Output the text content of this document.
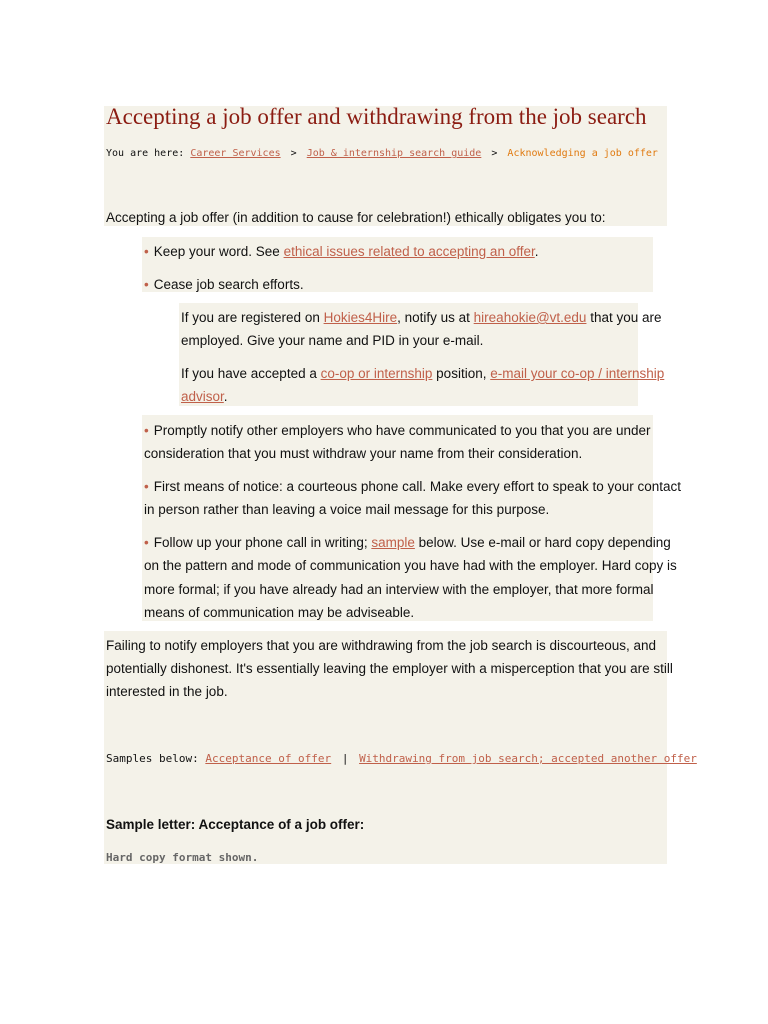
Accepting a job offer and withdrawing from the job search
You are here: Career Services > Job & internship search guide > Acknowledging a job offer
Accepting a job offer (in addition to cause for celebration!) ethically obligates you to:
• Keep your word. See ethical issues related to accepting an offer.
• Cease job search efforts.
If you are registered on Hokies4Hire, notify us at hireahokie@vt.edu that you are
employed. Give your name and PID in your e-mail.
If you have accepted a co-op or internship position, e-mail your co-op / internship
advisor.
• Promptly notify other employers who have communicated to you that you are under
consideration that you must withdraw your name from their consideration.
• First means of notice: a courteous phone call. Make every effort to speak to your contact
in person rather than leaving a voice mail message for this purpose.
• Follow up your phone call in writing; sample below. Use e-mail or hard copy depending
on the pattern and mode of communication you have had with the employer. Hard copy is
more formal; if you have already had an interview with the employer, that more formal
means of communication may be adviseable.
Failing to notify employers that you are withdrawing from the job search is discourteous, and
potentially dishonest. It's essentially leaving the employer with a misperception that you are still
interested in the job.
Samples below: Acceptance of offer | Withdrawing from job search; accepted another offer
Sample letter: Acceptance of a job offer:
Hard copy format shown.
